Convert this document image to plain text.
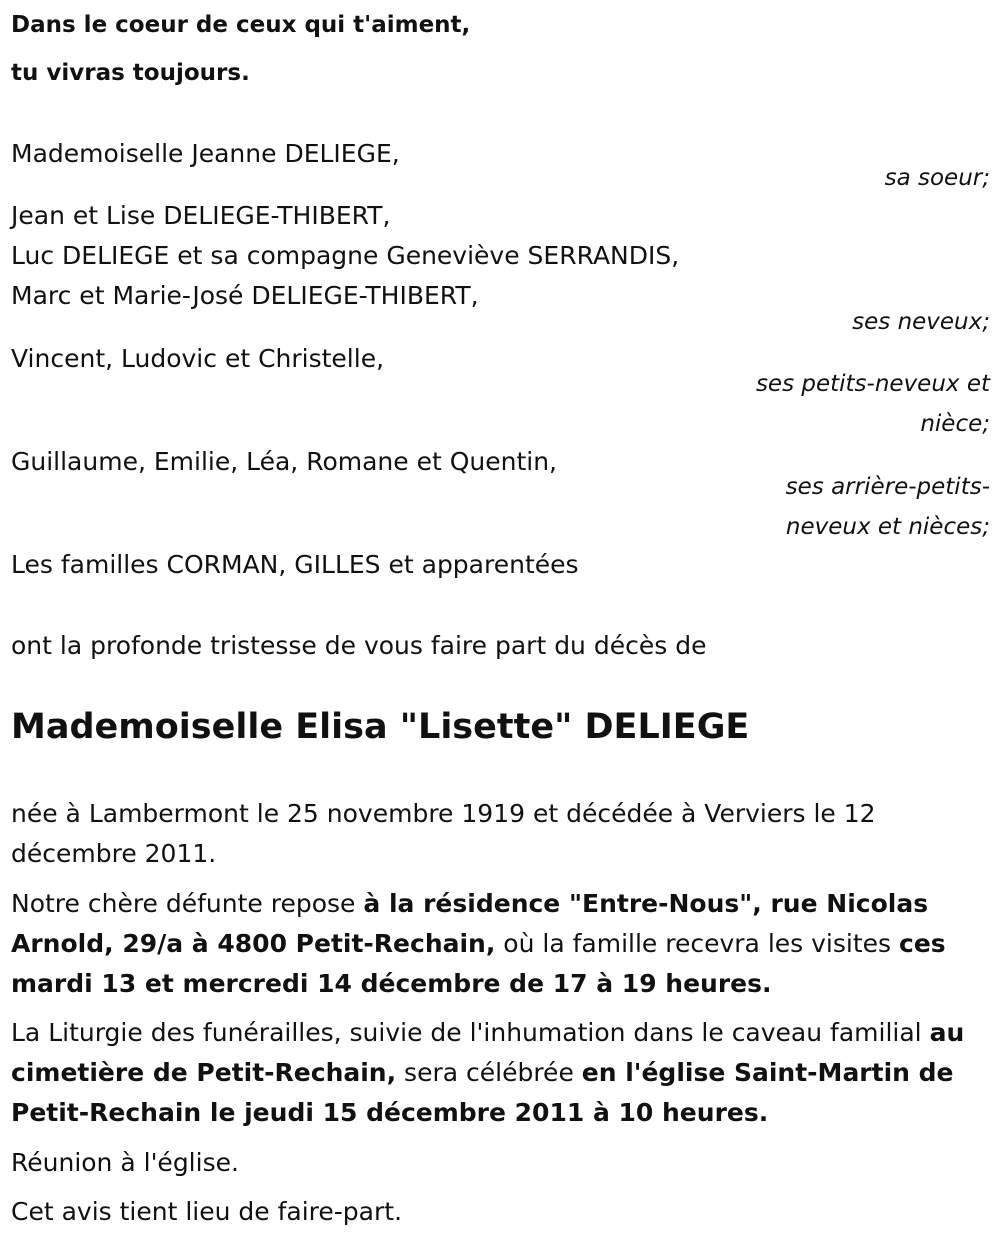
Dans le coeur de ceux qui t'aiment,
tu vivras toujours.
Mademoiselle Jeanne DELIEGE,
sa soeur;
Jean et Lise DELIEGE-THIBERT,
Luc DELIEGE et sa compagne Geneviève SERRANDIS,
Marc et Marie-José DELIEGE-THIBERT,
ses neveux;
Vincent, Ludovic et Christelle,
ses petits-neveux et
nièce;
Guillaume, Emilie, Léa, Romane et Quentin,
ses arrière-petits-
neveux et nièces;
Les familles CORMAN, GILLES et apparentées
ont la profonde tristesse de vous faire part du décès de
Mademoiselle Elisa "Lisette" DELIEGE
née à Lambermont le 25 novembre 1919 et décédée à Verviers le 12 décembre 2011.
Notre chère défunte repose à la résidence "Entre-Nous", rue Nicolas Arnold, 29/a à 4800 Petit-Rechain, où la famille recevra les visites ces mardi 13 et mercredi 14 décembre de 17 à 19 heures.
La Liturgie des funérailles, suivie de l'inhumation dans le caveau familial au cimetière de Petit-Rechain, sera célébrée en l'église Saint-Martin de Petit-Rechain le jeudi 15 décembre 2011 à 10 heures.
Réunion à l'église.
Cet avis tient lieu de faire-part.
